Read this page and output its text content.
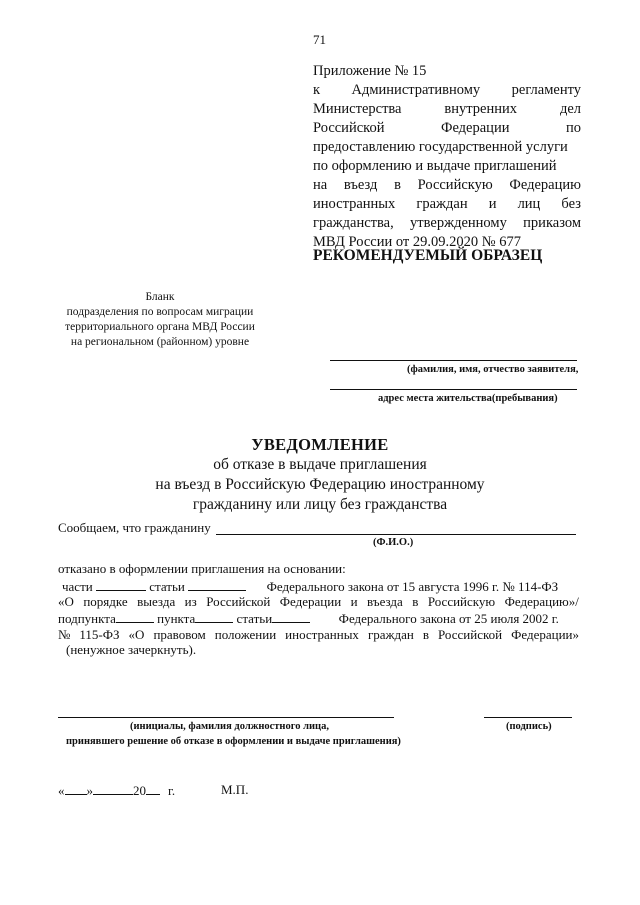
71
Приложение № 15
к Административному регламенту
Министерства	внутренних	дел
Российской	Федерации	по
предоставлению государственной услуги
по оформлению и выдаче приглашений
на въезд в Российскую Федерацию
иностранных граждан и лиц без
гражданства, утвержденному приказом
МВД России от 29.09.2020 № 677
РЕКОМЕНДУЕМЫЙ ОБРАЗЕЦ
Бланк
подразделения по вопросам миграции
территориального органа МВД России
на региональном (районном) уровне
(фамилия, имя, отчество заявителя,
адрес места жительства(пребывания)
УВЕДОМЛЕНИЕ
об отказе в выдаче приглашения
на въезд в Российскую Федерацию иностранному
гражданину или лицу без гражданства
Сообщаем, что гражданину
(Ф.И.О.)
отказано в оформлении приглашения на основании:
части	статьи	Федерального закона от 15 августа 1996 г. № 114-ФЗ
«О порядке выезда из Российской Федерации и въезда в Российскую Федерацию»/
подпункта	пункта	статьи	Федерального закона от 25 июля 2002 г.
№ 115-ФЗ «О правовом положении иностранных граждан в Российской Федерации»
(ненужное зачеркнуть).
(инициалы, фамилия должностного лица,
принявшего решение об отказе в оформлении и выдаче приглашения)
(подпись)
« »	20 г.	М.П.
